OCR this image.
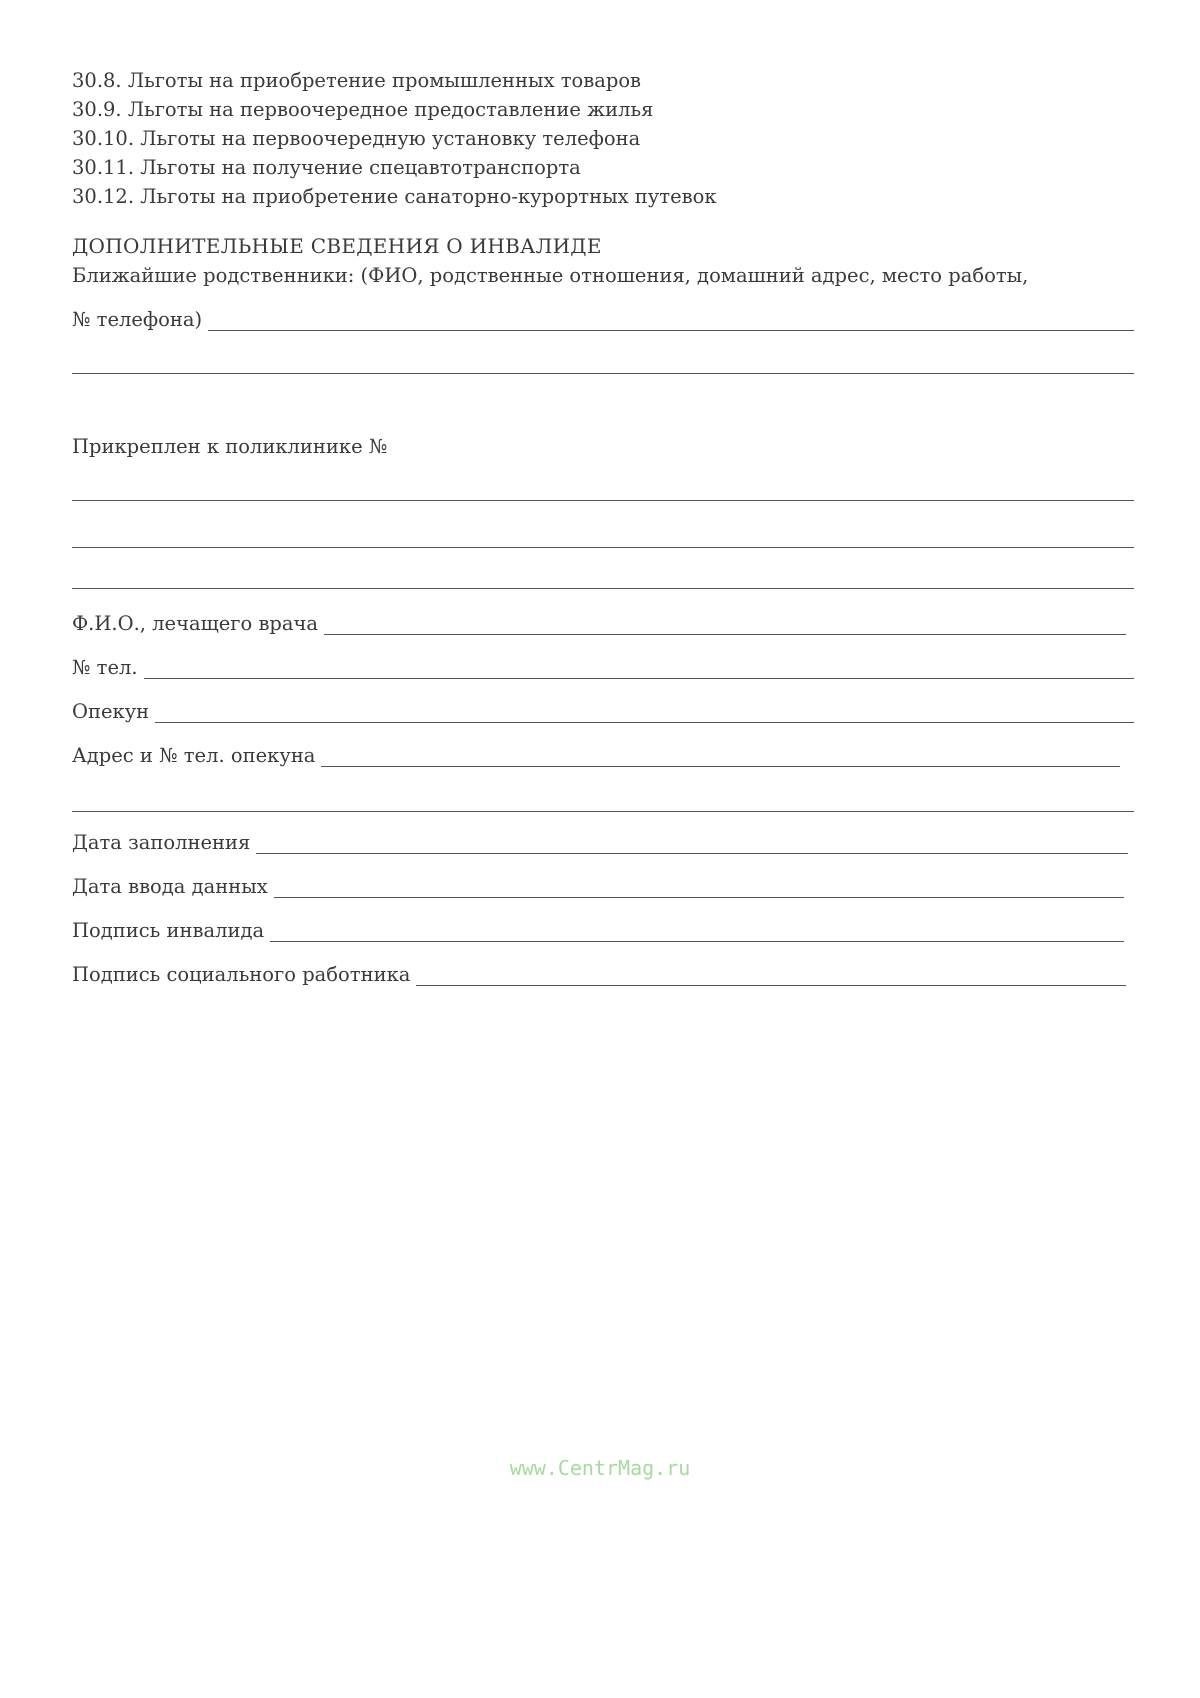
30.8. Льготы на приобретение промышленных товаров
30.9. Льготы на первоочередное предоставление жилья
30.10. Льготы на первоочередную установку телефона
30.11. Льготы на получение спецавтотранспорта
30.12. Льготы на приобретение санаторно-курортных путевок
ДОПОЛНИТЕЛЬНЫЕ СВЕДЕНИЯ О ИНВАЛИДЕ
Ближайшие родственники: (ФИО, родственные отношения, домашний адрес, место работы,
№ телефона)
Прикреплен к поликлинике №
Ф.И.О., лечащего врача
№ тел.
Опекун
Адрес и № тел. опекуна
Дата заполнения
Дата ввода данных
Подпись инвалида
Подпись социального работника
www.CentrMag.ru
